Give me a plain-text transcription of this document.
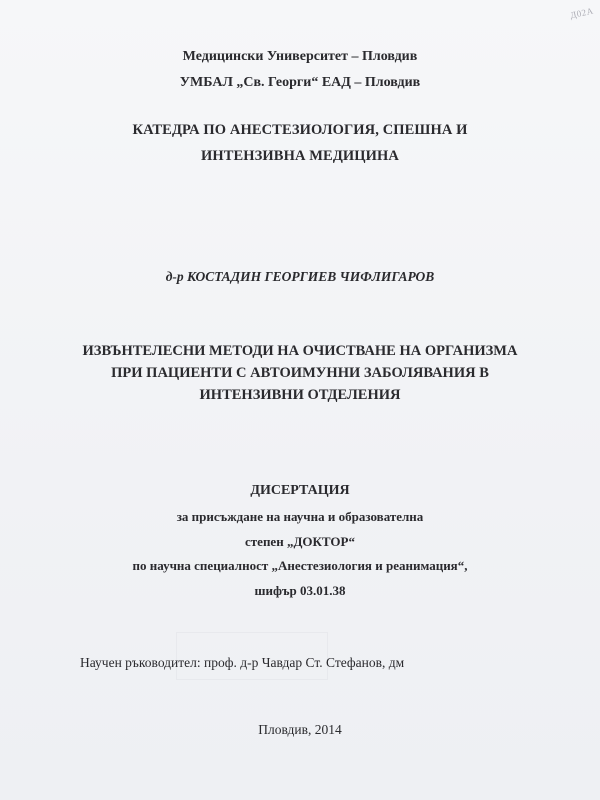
Д02А
Медицински Университет – Пловдив
УМБАЛ „Св. Георги“ ЕАД – Пловдив
КАТЕДРА ПО АНЕСТЕЗИОЛОГИЯ, СПЕШНА И
ИНТЕНЗИВНА МЕДИЦИНА
д-р КОСТАДИН ГЕОРГИЕВ ЧИФЛИГАРОВ
ИЗВЪНТЕЛЕСНИ МЕТОДИ НА ОЧИСТВАНЕ НА ОРГАНИЗМА
ПРИ ПАЦИЕНТИ С АВТОИМУННИ ЗАБОЛЯВАНИЯ В
ИНТЕНЗИВНИ ОТДЕЛЕНИЯ
ДИСЕРТАЦИЯ
за присъждане на научна и образователна
степен „ДОКТОР“
по научна специалност „Анестезиология и реанимация“,
шифър 03.01.38
Научен ръководител: проф. д-р Чавдар Ст. Стефанов, дм
Пловдив, 2014
